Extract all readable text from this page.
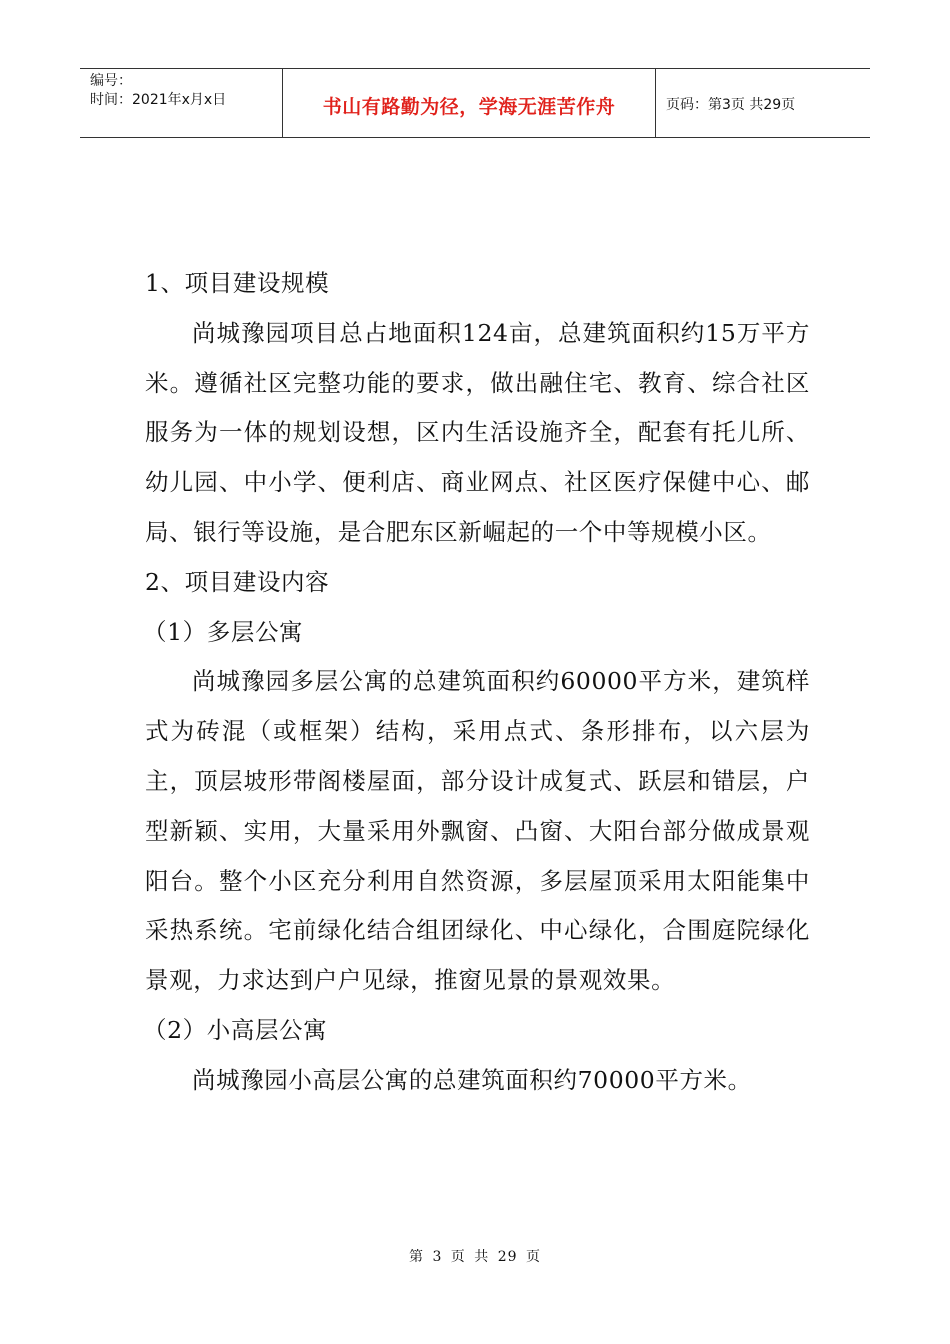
编号：
时间：2021年x月x日	书山有路勤为径，学海无涯苦作舟	页码：第3页 共29页

1、项目建设规模

尚城豫园项目总占地面积124亩，总建筑面积约15万平方米。遵循社区完整功能的要求，做出融住宅、教育、综合社区服务为一体的规划设想，区内生活设施齐全，配套有托儿所、幼儿园、中小学、便利店、商业网点、社区医疗保健中心、邮局、银行等设施，是合肥东区新崛起的一个中等规模小区。

2、项目建设内容

（1）多层公寓

尚城豫园多层公寓的总建筑面积约60000平方米，建筑样式为砖混（或框架）结构，采用点式、条形排布，以六层为主，顶层坡形带阁楼屋面，部分设计成复式、跃层和错层，户型新颖、实用，大量采用外飘窗、凸窗、大阳台部分做成景观阳台。整个小区充分利用自然资源，多层屋顶采用太阳能集中采热系统。宅前绿化结合组团绿化、中心绿化，合围庭院绿化景观，力求达到户户见绿，推窗见景的景观效果。

（2）小高层公寓

尚城豫园小高层公寓的总建筑面积约70000平方米。

第 3 页 共 29 页
